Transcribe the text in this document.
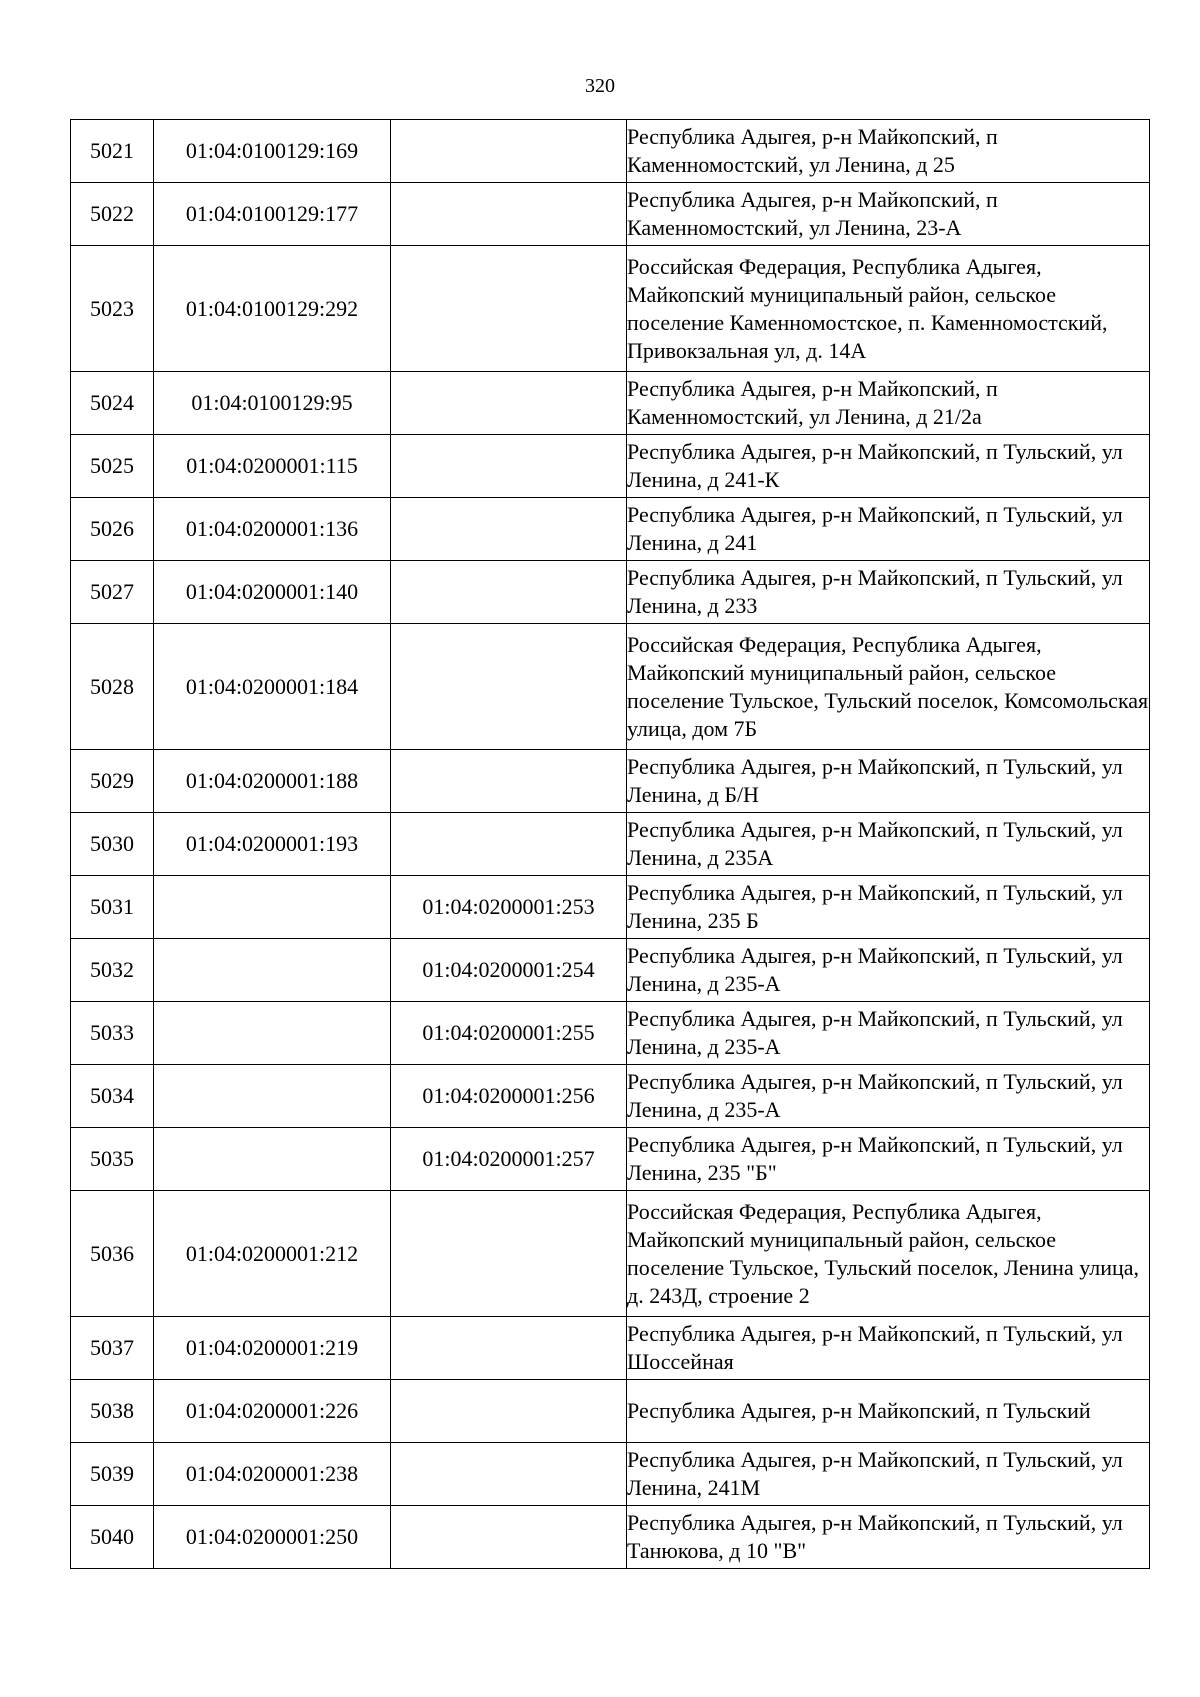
320
5021	01:04:0100129:169		Республика Адыгея, р-н Майкопский, п Каменномостский, ул Ленина, д 25
5022	01:04:0100129:177		Республика Адыгея, р-н Майкопский, п Каменномостский, ул Ленина, 23-А
5023	01:04:0100129:292		Российская Федерация, Республика Адыгея, Майкопский муниципальный район, сельское поселение Каменномостское, п. Каменномостский, Привокзальная ул, д. 14А
5024	01:04:0100129:95		Республика Адыгея, р-н Майкопский, п Каменномостский, ул Ленина, д 21/2а
5025	01:04:0200001:115		Республика Адыгея, р-н Майкопский, п Тульский, ул Ленина, д 241-К
5026	01:04:0200001:136		Республика Адыгея, р-н Майкопский, п Тульский, ул Ленина, д 241
5027	01:04:0200001:140		Республика Адыгея, р-н Майкопский, п Тульский, ул Ленина, д 233
5028	01:04:0200001:184		Российская Федерация, Республика Адыгея, Майкопский муниципальный район, сельское поселение Тульское, Тульский поселок, Комсомольская улица, дом 7Б
5029	01:04:0200001:188		Республика Адыгея, р-н Майкопский, п Тульский, ул Ленина, д Б/Н
5030	01:04:0200001:193		Республика Адыгея, р-н Майкопский, п Тульский, ул Ленина, д 235А
5031		01:04:0200001:253	Республика Адыгея, р-н Майкопский, п Тульский, ул Ленина, 235 Б
5032		01:04:0200001:254	Республика Адыгея, р-н Майкопский, п Тульский, ул Ленина, д 235-А
5033		01:04:0200001:255	Республика Адыгея, р-н Майкопский, п Тульский, ул Ленина, д 235-А
5034		01:04:0200001:256	Республика Адыгея, р-н Майкопский, п Тульский, ул Ленина, д 235-А
5035		01:04:0200001:257	Республика Адыгея, р-н Майкопский, п Тульский, ул Ленина, 235 "Б"
5036	01:04:0200001:212		Российская Федерация, Республика Адыгея, Майкопский муниципальный район, сельское поселение Тульское, Тульский поселок, Ленина улица, д. 243Д, строение 2
5037	01:04:0200001:219		Республика Адыгея, р-н Майкопский, п Тульский, ул Шоссейная
5038	01:04:0200001:226		Республика Адыгея, р-н Майкопский, п Тульский
5039	01:04:0200001:238		Республика Адыгея, р-н Майкопский, п Тульский, ул Ленина, 241М
5040	01:04:0200001:250		Республика Адыгея, р-н Майкопский, п Тульский, ул Танюкова, д 10 "В"
